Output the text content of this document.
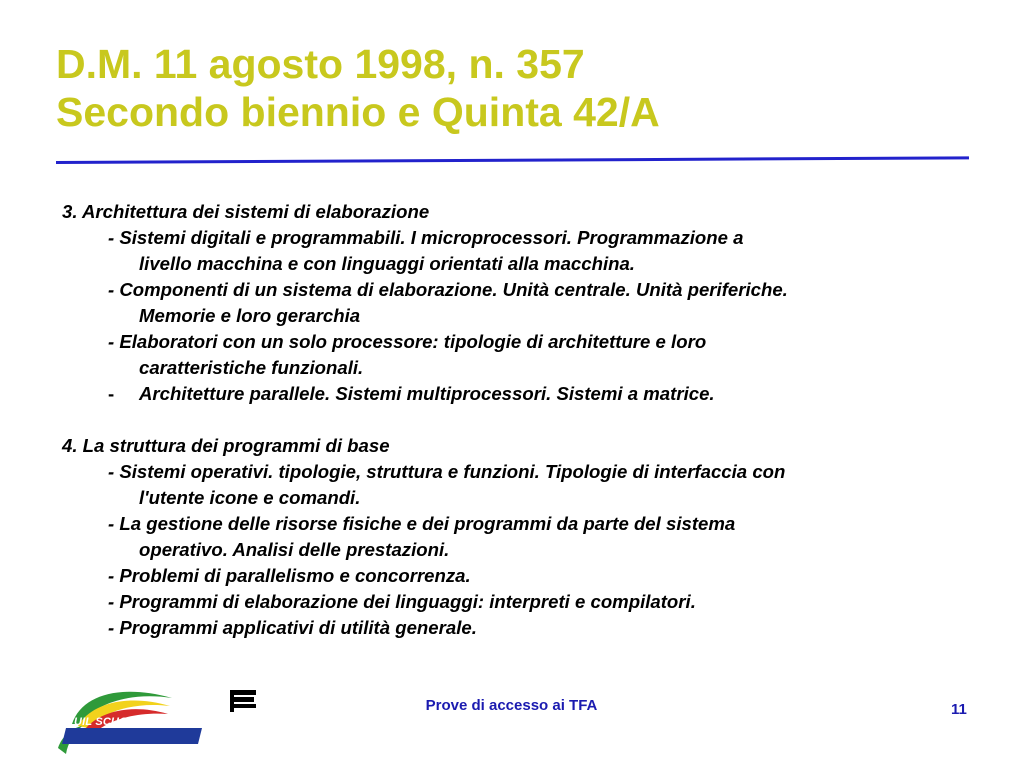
D.M. 11 agosto 1998, n. 357
Secondo biennio e Quinta 42/A
3. Architettura dei sistemi di elaborazione
- Sistemi digitali e programmabili. I microprocessori. Programmazione a
livello macchina e con linguaggi orientati alla macchina.
- Componenti di un sistema di elaborazione. Unità centrale. Unità periferiche.
Memorie e loro gerarchia
- Elaboratori con un solo processore: tipologie di architetture e loro
caratteristiche funzionali.
- Architetture parallele. Sistemi multiprocessori. Sistemi a matrice.
4. La struttura dei programmi di base
- Sistemi operativi. tipologie, struttura e funzioni. Tipologie di interfaccia con
l'utente icone e comandi.
- La gestione delle risorse fisiche e dei programmi da parte del sistema
operativo. Analisi delle prestazioni.
- Problemi di parallelismo e concorrenza.
- Programmi di elaborazione dei linguaggi: interpreti e compilatori.
- Programmi applicativi di utilità generale.
UIL SCUOLA SIENA
Prove di accesso ai TFA	11
